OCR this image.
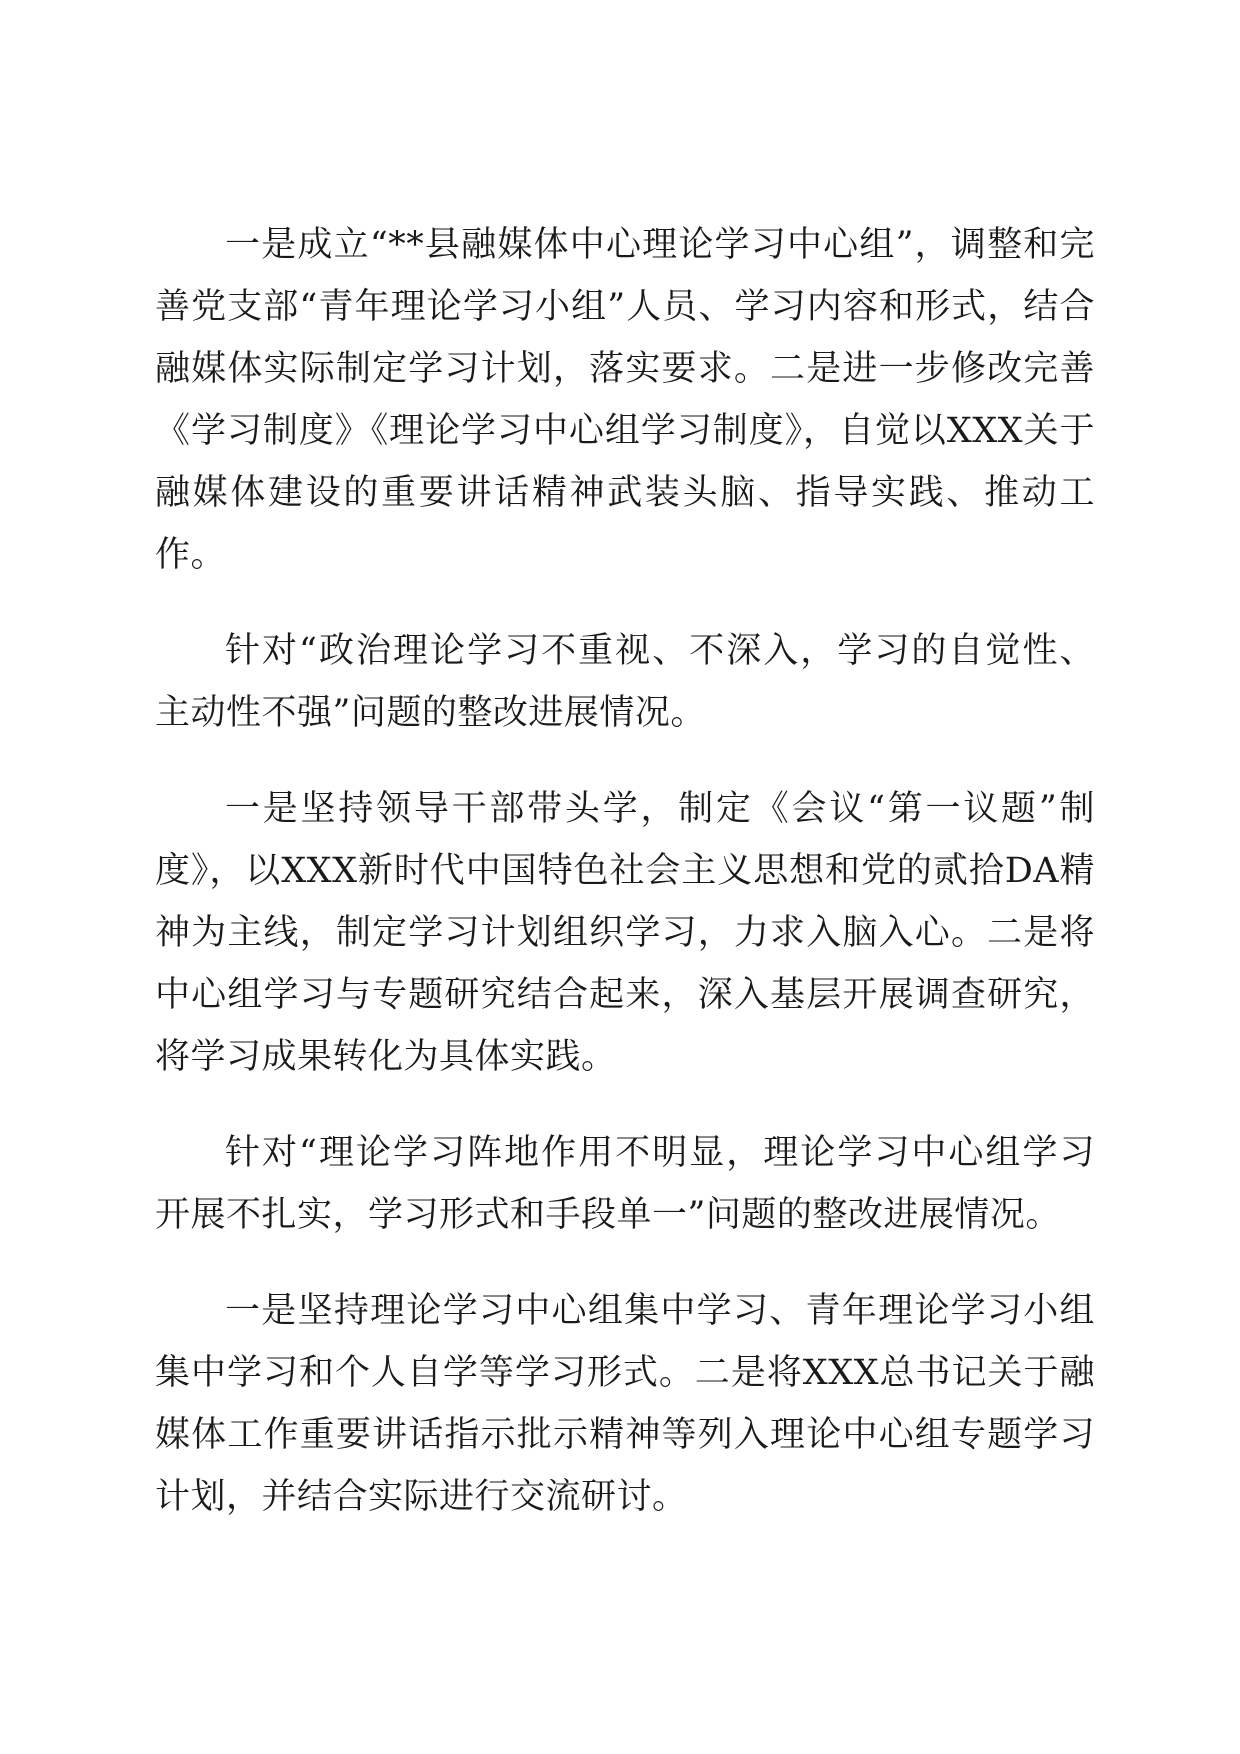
一是成立“**县融媒体中心理论学习中心组”，调整和完善党支部“青年理论学习小组”人员、学习内容和形式，结合融媒体实际制定学习计划，落实要求。二是进一步修改完善《学习制度》《理论学习中心组学习制度》，自觉以XXX关于融媒体建设的重要讲话精神武装头脑、指导实践、推动工作。

针对“政治理论学习不重视、不深入，学习的自觉性、主动性不强”问题的整改进展情况。

一是坚持领导干部带头学，制定《会议“第一议题”制度》，以XXX新时代中国特色社会主义思想和党的贰拾DA精神为主线，制定学习计划组织学习，力求入脑入心。二是将中心组学习与专题研究结合起来，深入基层开展调查研究，将学习成果转化为具体实践。

针对“理论学习阵地作用不明显，理论学习中心组学习开展不扎实，学习形式和手段单一”问题的整改进展情况。

一是坚持理论学习中心组集中学习、青年理论学习小组集中学习和个人自学等学习形式。二是将XXX总书记关于融媒体工作重要讲话指示批示精神等列入理论中心组专题学习计划，并结合实际进行交流研讨。
